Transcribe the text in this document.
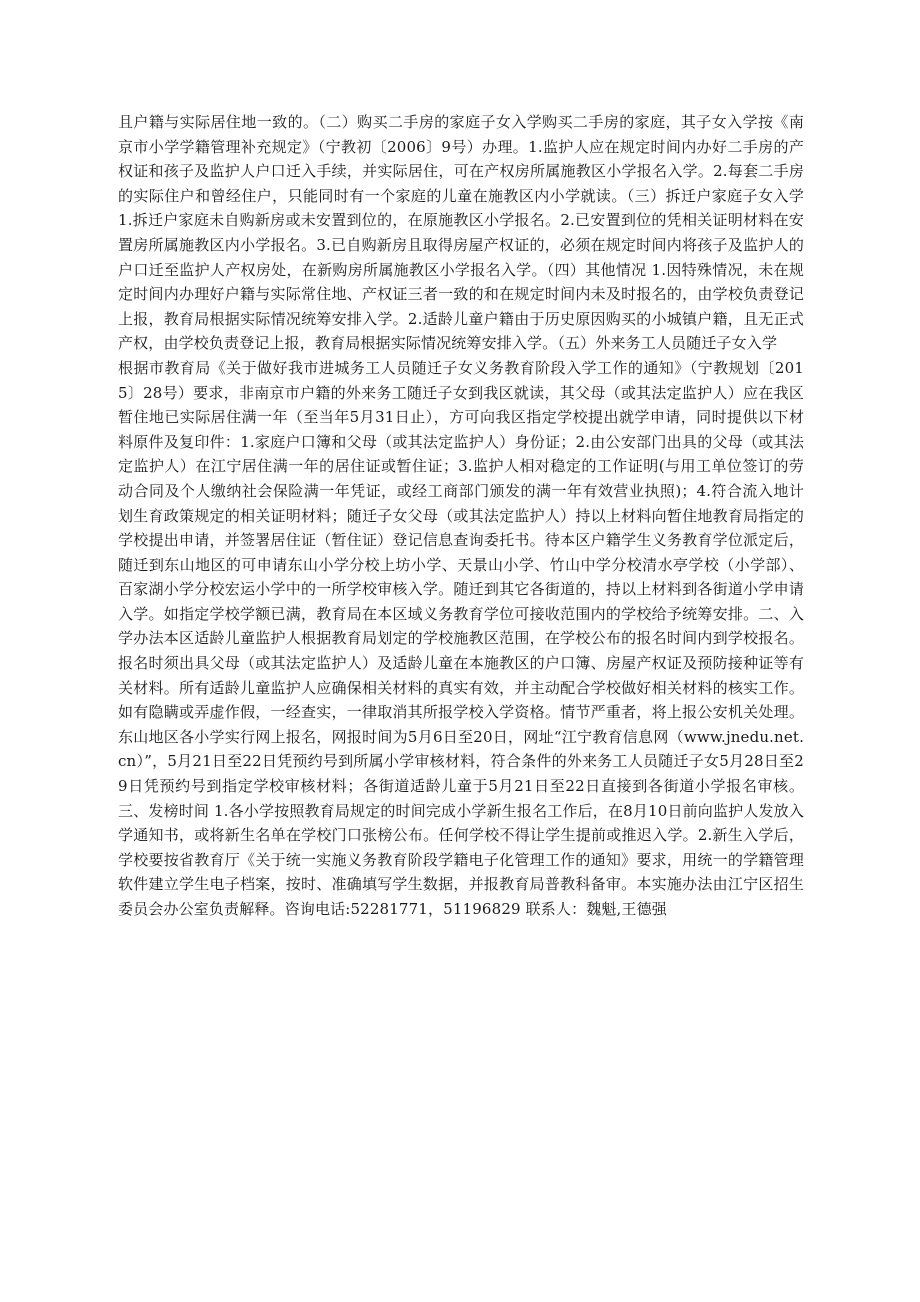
且户籍与实际居住地一致的。（二）购买二手房的家庭子女入学购买二手房的家庭，其子女入学按《南京市小学学籍管理补充规定》（宁教初〔2006〕9号）办理。1.监护人应在规定时间内办好二手房的产权证和孩子及监护人户口迁入手续，并实际居住，可在产权房所属施教区小学报名入学。2.每套二手房的实际住户和曾经住户，只能同时有一个家庭的儿童在施教区内小学就读。（三）拆迁户家庭子女入学 1.拆迁户家庭未自购新房或未安置到位的，在原施教区小学报名。2.已安置到位的凭相关证明材料在安置房所属施教区内小学报名。3.已自购新房且取得房屋产权证的，必须在规定时间内将孩子及监护人的户口迁至监护人产权房处，在新购房所属施教区小学报名入学。（四）其他情况 1.因特殊情况，未在规定时间内办理好户籍与实际常住地、产权证三者一致的和在规定时间内未及时报名的，由学校负责登记上报，教育局根据实际情况统筹安排入学。2.适龄儿童户籍由于历史原因购买的小城镇户籍，且无正式产权，由学校负责登记上报，教育局根据实际情况统筹安排入学。（五）外来务工人员随迁子女入学

根据市教育局《关于做好我市进城务工人员随迁子女义务教育阶段入学工作的通知》（宁教规划〔2015〕28号）要求，非南京市户籍的外来务工随迁子女到我区就读，其父母（或其法定监护人）应在我区暂住地已实际居住满一年（至当年5月31日止），方可向我区指定学校提出就学申请，同时提供以下材料原件及复印件：1.家庭户口簿和父母（或其法定监护人）身份证；2.由公安部门出具的父母（或其法定监护人）在江宁居住满一年的居住证或暂住证；3.监护人相对稳定的工作证明(与用工单位签订的劳动合同及个人缴纳社会保险满一年凭证，或经工商部门颁发的满一年有效营业执照)；4.符合流入地计划生育政策规定的相关证明材料；随迁子女父母（或其法定监护人）持以上材料向暂住地教育局指定的学校提出申请，并签署居住证（暂住证）登记信息查询委托书。待本区户籍学生义务教育学位派定后，随迁到东山地区的可申请东山小学分校上坊小学、天景山小学、竹山中学分校清水亭学校（小学部）、百家湖小学分校宏运小学中的一所学校审核入学。随迁到其它各街道的，持以上材料到各街道小学申请入学。如指定学校学额已满，教育局在本区域义务教育学位可接收范围内的学校给予统筹安排。二、入学办法本区适龄儿童监护人根据教育局划定的学校施教区范围，在学校公布的报名时间内到学校报名。报名时须出具父母（或其法定监护人）及适龄儿童在本施教区的户口簿、房屋产权证及预防接种证等有关材料。所有适龄儿童监护人应确保相关材料的真实有效，并主动配合学校做好相关材料的核实工作。如有隐瞒或弄虚作假，一经查实，一律取消其所报学校入学资格。情节严重者，将上报公安机关处理。东山地区各小学实行网上报名，网报时间为5月6日至20日，网址“江宁教育信息网（www.jnedu.net.cn）”，5月21日至22日凭预约号到所属小学审核材料，符合条件的外来务工人员随迁子女5月28日至29日凭预约号到指定学校审核材料；各街道适龄儿童于5月21日至22日直接到各街道小学报名审核。三、发榜时间 1.各小学按照教育局规定的时间完成小学新生报名工作后，在8月10日前向监护人发放入学通知书，或将新生名单在学校门口张榜公布。任何学校不得让学生提前或推迟入学。2.新生入学后，学校要按省教育厅《关于统一实施义务教育阶段学籍电子化管理工作的通知》要求，用统一的学籍管理软件建立学生电子档案，按时、准确填写学生数据，并报教育局普教科备审。本实施办法由江宁区招生委员会办公室负责解释。咨询电话:52281771，51196829 联系人：魏魁,王德强
